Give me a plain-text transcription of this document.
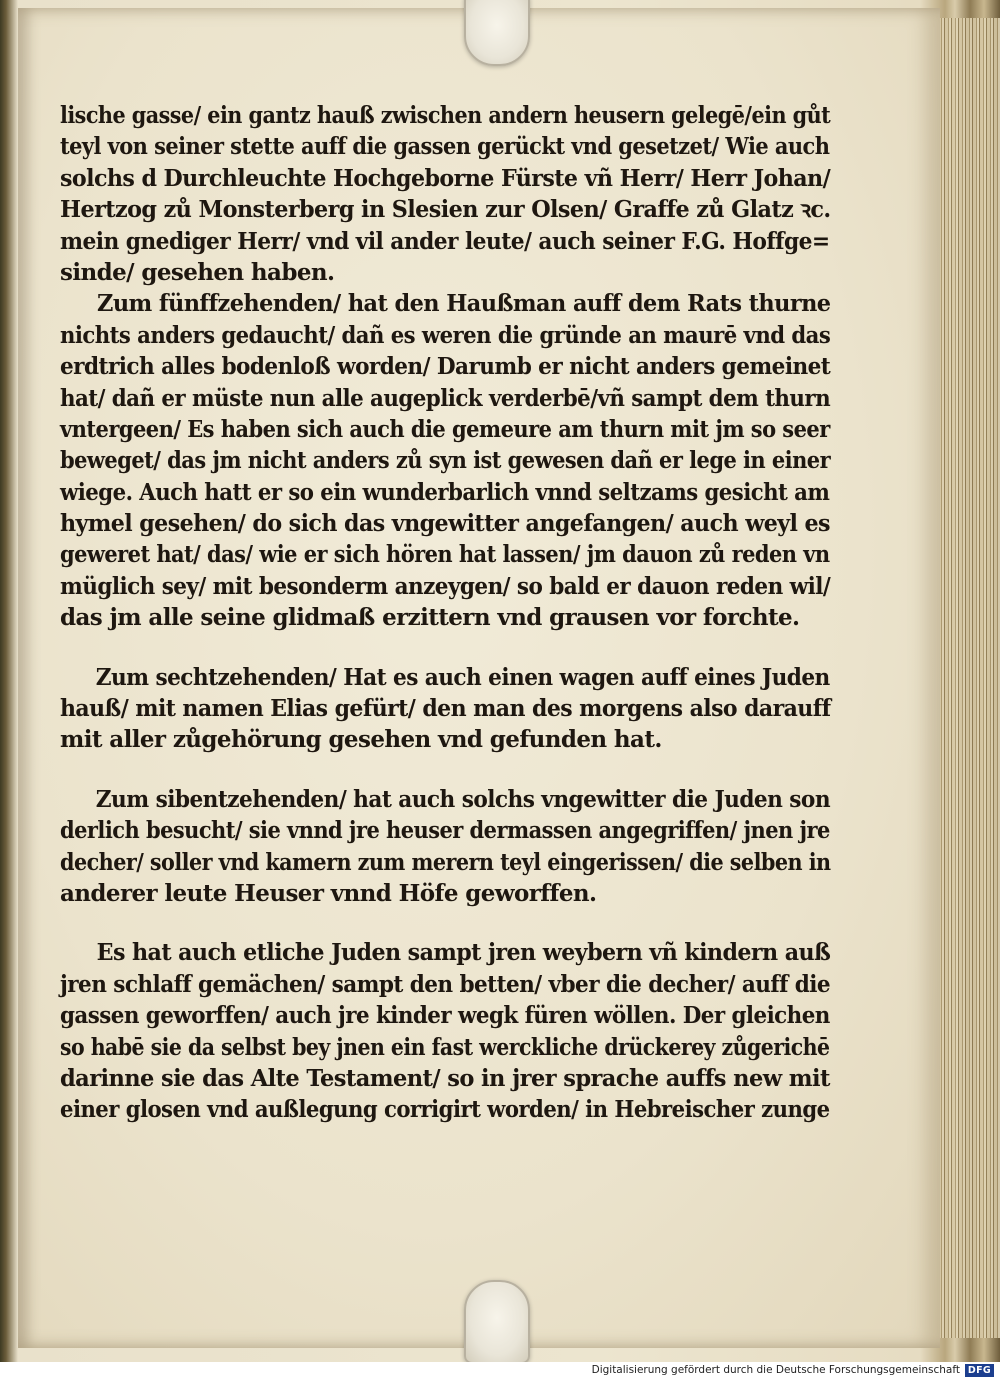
lische gasse/ ein gantz hauß zwischen andern heusern gelegē/ein gůt
teyl von seiner stette auff die gassen gerückt vnd gesetzet/ Wie auch
solchs d Durchleuchte Hochgeborne Fürste vñ Herr/ Herr Johan/
Hertzog zů Monsterberg in Slesien zur Olsen/ Graffe zů Glatz ꝛc.
mein gnediger Herr/ vnd vil ander leute/ auch seiner F.G. Hoffge=
sinde/ gesehen haben.
Zum fünffzehenden/ hat den Haußman auff dem Rats thurne
nichts anders gedaucht/ dañ es weren die gründe an maurē vnd das
erdtrich alles bodenloß worden/ Darumb er nicht anders gemeinet
hat/ dañ er müste nun alle augeplick verderbē/vñ sampt dem thurn
vntergeen/ Es haben sich auch die gemeure am thurn mit jm so seer
beweget/ das jm nicht anders zů syn ist gewesen dañ er lege in einer
wiege. Auch hatt er so ein wunderbarlich vnnd seltzams gesicht am
hymel gesehen/ do sich das vngewitter angefangen/ auch weyl es
geweret hat/ das/ wie er sich hören hat lassen/ jm dauon zů reden vn
müglich sey/ mit besonderm anzeygen/ so bald er dauon reden wil/
das jm alle seine glidmaß erzittern vnd grausen vor forchte.
Zum sechtzehenden/ Hat es auch einen wagen auff eines Juden
hauß/ mit namen Elias gefürt/ den man des morgens also darauff
mit aller zůgehörung gesehen vnd gefunden hat.
Zum sibentzehenden/ hat auch solchs vngewitter die Juden son
derlich besucht/ sie vnnd jre heuser dermassen angegriffen/ jnen jre
decher/ soller vnd kamern zum merern teyl eingerissen/ die selben in
anderer leute Heuser vnnd Höfe geworffen.
Es hat auch etliche Juden sampt jren weybern vñ kindern auß
jren schlaff gemächen/ sampt den betten/ vber die decher/ auff die
gassen geworffen/ auch jre kinder wegk füren wöllen. Der gleichen
so habē sie da selbst bey jnen ein fast werckliche drückerey zůgerichē
darinne sie das Alte Testament/ so in jrer sprache auffs new mit
einer glosen vnd außlegung corrigirt worden/ in Hebreischer zunge
Digitalisierung gefördert durch die Deutsche Forschungsgemeinschaft DFG
